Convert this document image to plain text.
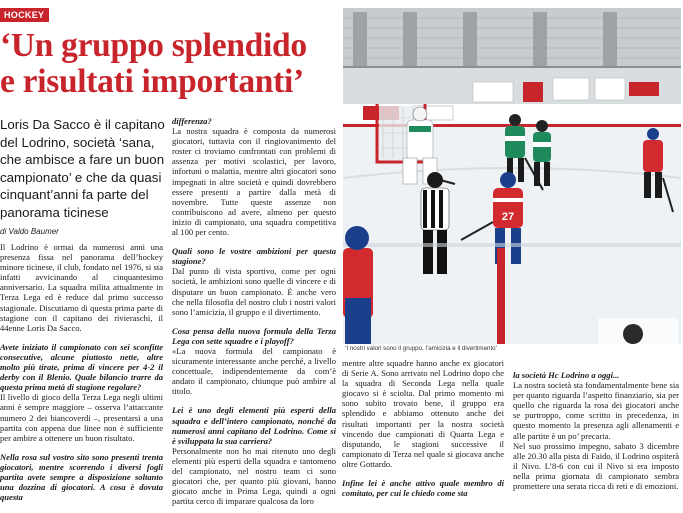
HOCKEY
‘Un gruppo splendido
e risultati importanti’
Loris Da Sacco è il capitano del Lodrino, società ‘sana, che ambisce a fare un buon campionato’ e che da quasi cinquant’anni fa parte del panorama ticinese
di Valdo Baumer

Il Lodrino è ormai da numerosi anni una presenza fissa nel panorama dell’hockey minore ticinese, il club, fondato nel 1976, si sta infatti avvicinando al cinquantesimo anniversario. La squadra milita attualmente in Terza Lega ed è reduce dal primo successo stagionale. Discutiamo di questa prima parte di stagione con il capitano dei rivieraschi, il 44enne Loris Da Sacco.

Avete iniziato il campionato con sei sconfitte consecutive, alcune piuttosto nette, altre molto più tirate, prima di vincere per 4-2 il derby con il Blenio. Quale bilancio trarre da questa prima metà di stagione regolare?

Il livello di gioco della Terza Lega negli ultimi anni è sempre maggiore – osserva l’attaccante numero 2 dei biancoverdi –, presentarsi a una partita con appena due linee non è sufficiente per ambire a ottenere un buon risultato.

Nella rosa sul vostro sito sono presenti trenta giocatori, mentre scorrendo i diversi fogli partita avete sempre a disposizione soltanto una dozzina di giocatori. A cosa è dovuta questa

differenza?

La nostra squadra è composta da numerosi giocatori, tuttavia con il ringiovanimento del roster ci troviamo confrontati con problemi di assenza per motivi scolastici, per lavoro, infortuni o malattia, mentre altri giocatori sono impegnati in altre società e quindi dovrebbero essere presenti a partire dalla metà di novembre. Tutte queste assenze non contribuiscono ad avere, almeno per questo inizio di campionato, una squadra competitiva al 100 per cento.

Quali sono le vostre ambizioni per questa stagione?

Dal punto di vista sportivo, come per ogni società, le ambizioni sono quelle di vincere e di disputare un buon campionato. È anche vero che nella filosofia del nostro club i nostri valori sono l’amicizia, il gruppo e il divertimento.

Cosa pensa della nuova formula della Terza Lega con sette squadre e i playoff?

«La nuova formula del campionato è sicuramente interessante anche perché, a livello concettuale, indipendentemente da com’è andato il campionato, chiunque può ambire al titolo.

Lei è uno degli elementi più esperti della squadra e dell’intero campionato, nonché da numerosi anni capitano del Lodrino. Come si è sviluppata la sua carriera?

Personalmente non ho mai ritenuto uno degli elementi più esperti della squadra e tantomeno del campionato, nel nostro team ci sono giocatori che, per quanto più giovani, hanno giocato anche in Prima Lega, quindi a ogni partita cerco di imparare qualcosa da loro

27
‘I nostri valori sono il gruppo, l’amicizia e il divertimento’

mentre altre squadre hanno anche ex giocatori di Serie A. Sono arrivato nel Lodrino dopo che la squadra di Seconda Lega nella quale giocavo si è sciolta. Dal primo momento mi sono subito trovato bene, il gruppo era splendido e abbiamo ottenuto anche dei risultati importanti per la nostra società vincendo due campionati di Quarta Lega e disputando, le stagioni successive il campionato di Terza nel quale si giocava anche oltre Gottardo.

Infine lei è anche attivo quale membro di comitato, per cui le chiedo come sta

la società Hc Lodrino a oggi...

La nostra società sta fondamentalmente bene sia per quanto riguarda l’aspetto finanziario, sia per quello che riguarda la rosa dei giocatori anche se purtroppo, come scritto in precedenza, in questo momento la presenza agli allenamenti e alle partite è un po’ precaria.

Nel suo prossimo impegno, sabato 3 dicembre alle 20.30 alla pista di Faido, il Lodrino ospiterà il Nivo. L’8-6 con cui il Nivo si era imposto nella prima giornata di campionato sembra promettere una serata ricca di reti e di emozioni.
